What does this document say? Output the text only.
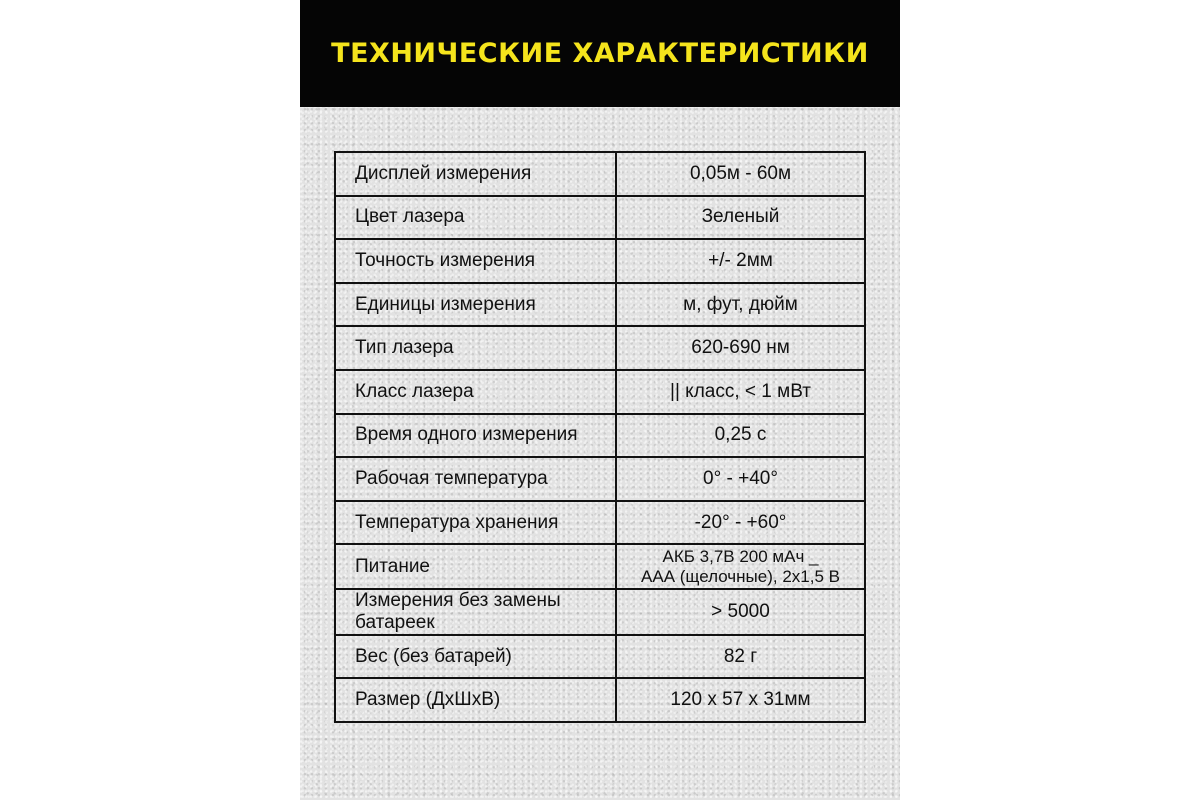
ТЕХНИЧЕСКИЕ ХАРАКТЕРИСТИКИ
Дисплей измерения	0,05м - 60м
Цвет лазера	Зеленый
Точность измерения	+/- 2мм
Единицы измерения	м, фут, дюйм
Тип лазера	620-690 нм
Класс лазера	|| класс, < 1 мВт
Время одного измерения	0,25 с
Рабочая температура	0° - +40°
Температура хранения	-20° - +60°
Питание	АКБ 3,7В 200 мАч _
ААА (щелочные), 2x1,5 В
Измерения без замены
батареек	> 5000
Вес (без батарей)	82 г
Размер (ДхШхВ)	120 x 57 x 31мм
